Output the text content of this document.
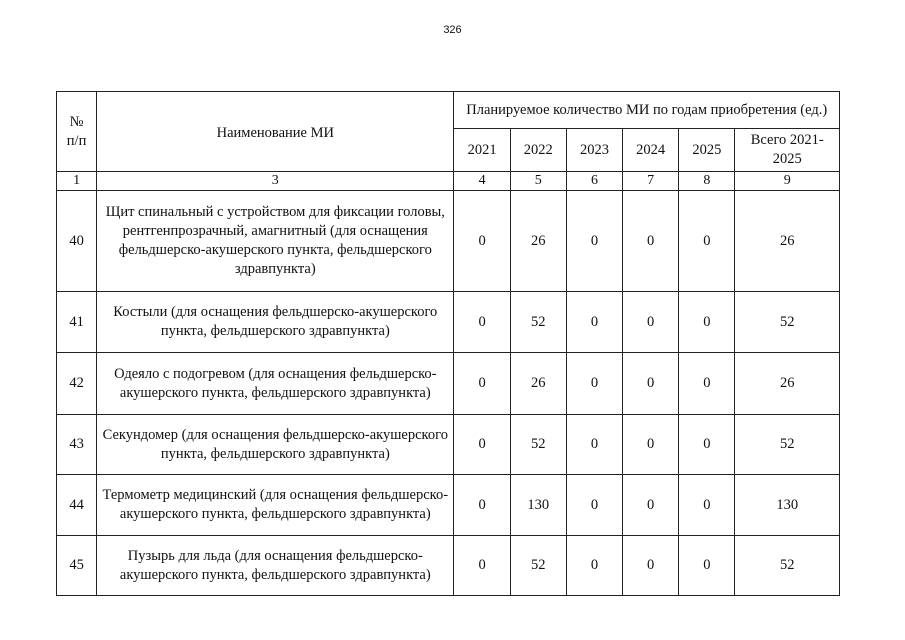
326
№
п/п	Наименование МИ	Планируемое количество МИ по годам приобретения (ед.)					
		2021	2022	2023	2024	2025	Всего 2021-2025
1	3	4	5	6	7	8	9
40	Щит спинальный с устройством для фиксации головы, рентгенпрозрачный, амагнитный (для оснащения фельдшерско-акушерского пункта, фельдшерского здравпункта)	0	26	0	0	0	26
41	Костыли (для оснащения фельдшерско-акушерского пункта, фельдшерского здравпункта)	0	52	0	0	0	52
42	Одеяло с подогревом (для оснащения фельдшерско-акушерского пункта, фельдшерского здравпункта)	0	26	0	0	0	26
43	Секундомер (для оснащения фельдшерско-акушерского пункта, фельдшерского здравпункта)	0	52	0	0	0	52
44	Термометр медицинский (для оснащения фельдшерско-акушерского пункта, фельдшерского здравпункта)	0	130	0	0	0	130
45	Пузырь для льда (для оснащения фельдшерско-акушерского пункта, фельдшерского здравпункта)	0	52	0	0	0	52
